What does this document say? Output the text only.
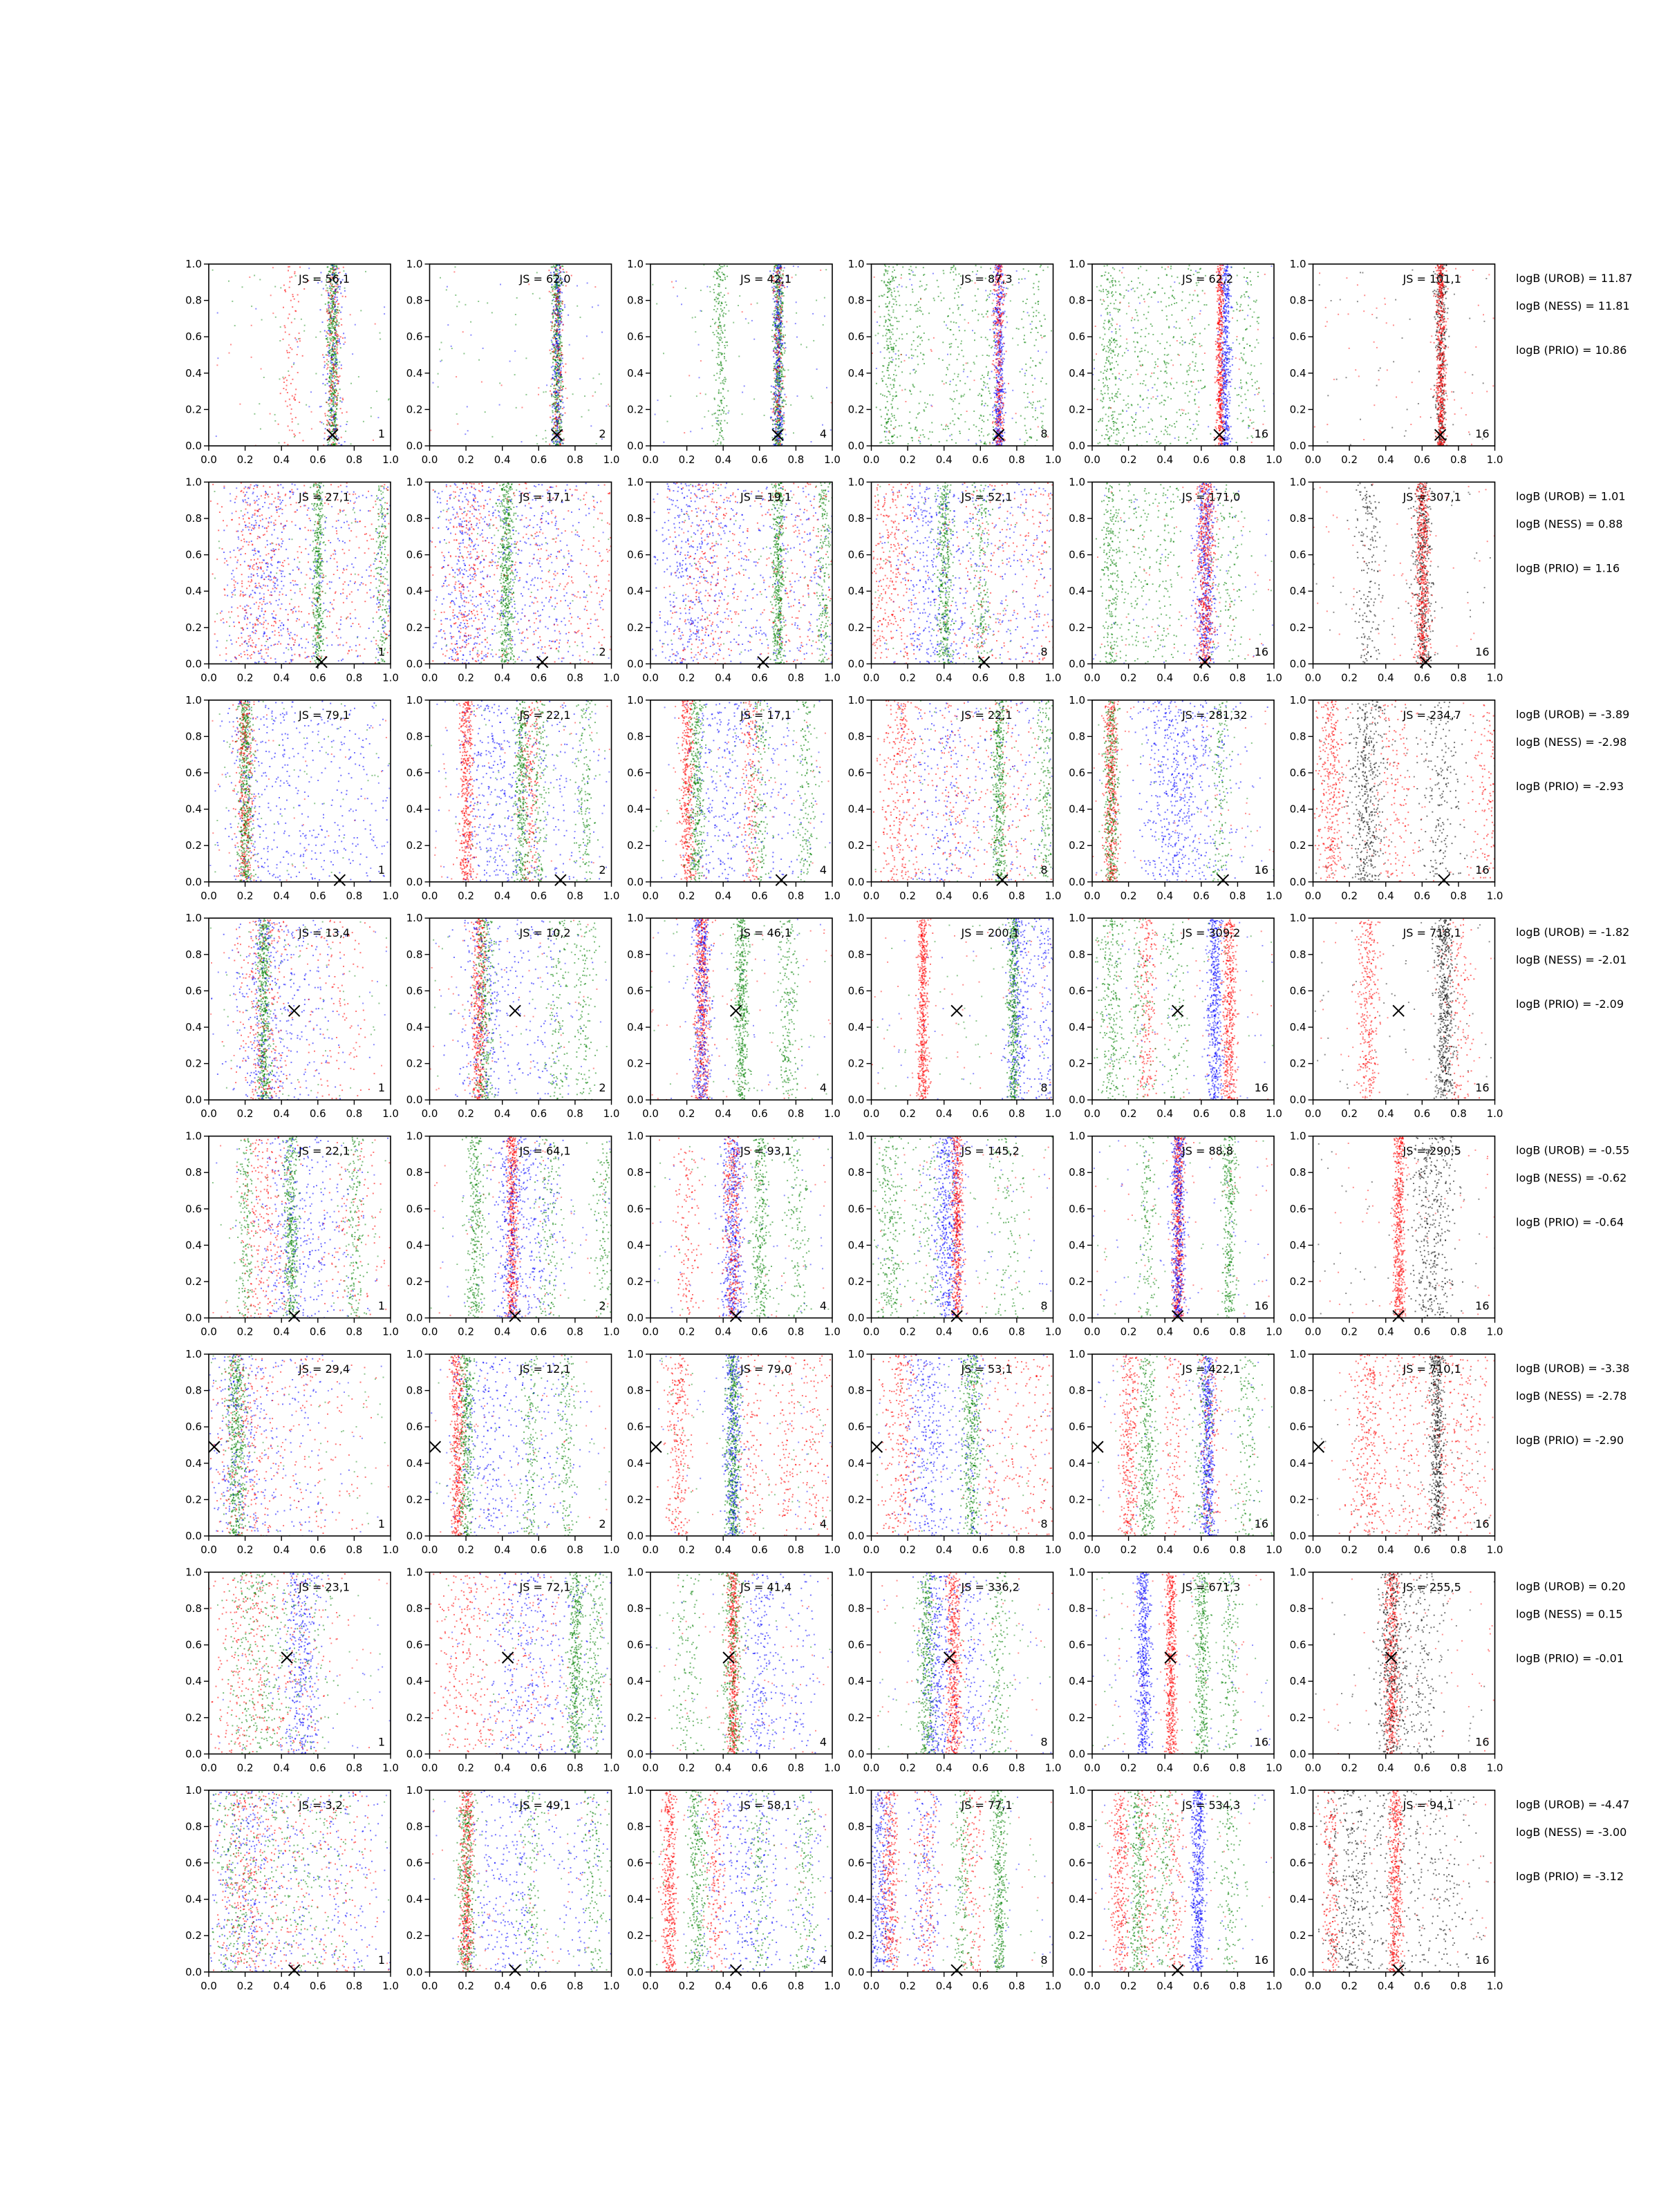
0.0 0.2 0.4 0.6 0.8 1.0
0.0
0.2
0.4
0.6
0.8
1.0
JS = 56,1
1
0.0 0.2 0.4 0.6 0.8 1.0
0.0
0.2
0.4
0.6
0.8
1.0
JS = 62,0
2
0.0 0.2 0.4 0.6 0.8 1.0
0.0
0.2
0.4
0.6
0.8
1.0
JS = 42,1
4
0.0 0.2 0.4 0.6 0.8 1.0
0.0
0.2
0.4
0.6
0.8
1.0
JS = 87,3
8
0.0 0.2 0.4 0.6 0.8 1.0
0.0
0.2
0.4
0.6
0.8
1.0
JS = 62,2
16
0.0 0.2 0.4 0.6 0.8 1.0
0.0
0.2
0.4
0.6
0.8
1.0
JS = 101,1
16
0.0 0.2 0.4 0.6 0.8 1.0
0.0
0.2
0.4
0.6
0.8
1.0
JS = 27,1
1
0.0 0.2 0.4 0.6 0.8 1.0
0.0
0.2
0.4
0.6
0.8
1.0
JS = 17,1
2
0.0 0.2 0.4 0.6 0.8 1.0
0.0
0.2
0.4
0.6
0.8
1.0
JS = 19,1
0.0 0.2 0.4 0.6 0.8 1.0
0.0
0.2
0.4
0.6
0.8
1.0
JS = 52,1
8
0.0 0.2 0.4 0.6 0.8 1.0
0.0
0.2
0.4
0.6
0.8
1.0
JS = 171,0
16
0.0 0.2 0.4 0.6 0.8 1.0
0.0
0.2
0.4
0.6
0.8
1.0
JS = 307,1
16
0.0 0.2 0.4 0.6 0.8 1.0
0.0
0.2
0.4
0.6
0.8
1.0
JS = 79,1
1
0.0 0.2 0.4 0.6 0.8 1.0
0.0
0.2
0.4
0.6
0.8
1.0
JS = 22,1
2
0.0 0.2 0.4 0.6 0.8 1.0
0.0
0.2
0.4
0.6
0.8
1.0
JS = 17,1
4
0.0 0.2 0.4 0.6 0.8 1.0
0.0
0.2
0.4
0.6
0.8
1.0
JS = 22,1
8
0.0 0.2 0.4 0.6 0.8 1.0
0.0
0.2
0.4
0.6
0.8
1.0
JS = 281,32
16
0.0 0.2 0.4 0.6 0.8 1.0
0.0
0.2
0.4
0.6
0.8
1.0
JS = 234,7
16
0.0 0.2 0.4 0.6 0.8 1.0
0.0
0.2
0.4
0.6
0.8
1.0
JS = 13,4
1
0.0 0.2 0.4 0.6 0.8 1.0
0.0
0.2
0.4
0.6
0.8
1.0
JS = 10,2
2
0.0 0.2 0.4 0.6 0.8 1.0
0.0
0.2
0.4
0.6
0.8
1.0
JS = 46,1
4
0.0 0.2 0.4 0.6 0.8 1.0
0.0
0.2
0.4
0.6
0.8
1.0
JS = 200,1
8
0.0 0.2 0.4 0.6 0.8 1.0
0.0
0.2
0.4
0.6
0.8
1.0
JS = 309,2
16
0.0 0.2 0.4 0.6 0.8 1.0
0.0
0.2
0.4
0.6
0.8
1.0
JS = 718,1
16
0.0 0.2 0.4 0.6 0.8 1.0
0.0
0.2
0.4
0.6
0.8
1.0
JS = 22,1
1
0.0 0.2 0.4 0.6 0.8 1.0
0.0
0.2
0.4
0.6
0.8
1.0
JS = 64,1
2
0.0 0.2 0.4 0.6 0.8 1.0
0.0
0.2
0.4
0.6
0.8
1.0
JS = 93,1
4
0.0 0.2 0.4 0.6 0.8 1.0
0.0
0.2
0.4
0.6
0.8
1.0
JS = 145,2
8
0.0 0.2 0.4 0.6 0.8 1.0
0.0
0.2
0.4
0.6
0.8
1.0
JS = 88,8
16
0.0 0.2 0.4 0.6 0.8 1.0
0.0
0.2
0.4
0.6
0.8
1.0
JS = 290,5
16
0.0 0.2 0.4 0.6 0.8 1.0
0.0
0.2
0.4
0.6
0.8
1.0
JS = 29,4
1
0.0 0.2 0.4 0.6 0.8 1.0
0.0
0.2
0.4
0.6
0.8
1.0
JS = 12,1
2
0.0 0.2 0.4 0.6 0.8 1.0
0.0
0.2
0.4
0.6
0.8
1.0
JS = 79,0
4
0.0 0.2 0.4 0.6 0.8 1.0
0.0
0.2
0.4
0.6
0.8
1.0
JS = 53,1
8
0.0 0.2 0.4 0.6 0.8 1.0
0.0
0.2
0.4
0.6
0.8
1.0
JS = 422,1
16
0.0 0.2 0.4 0.6 0.8 1.0
0.0
0.2
0.4
0.6
0.8
1.0
JS = 710,1
16
0.0 0.2 0.4 0.6 0.8 1.0
0.0
0.2
0.4
0.6
0.8
1.0
JS = 23,1
1
0.0 0.2 0.4 0.6 0.8 1.0
0.0
0.2
0.4
0.6
0.8
1.0
JS = 72,1
0.0 0.2 0.4 0.6 0.8 1.0
0.0
0.2
0.4
0.6
0.8
1.0
JS = 41,4
4
0.0 0.2 0.4 0.6 0.8 1.0
0.0
0.2
0.4
0.6
0.8
1.0
JS = 336,2
8
0.0 0.2 0.4 0.6 0.8 1.0
0.0
0.2
0.4
0.6
0.8
1.0
JS = 671,3
16
0.0 0.2 0.4 0.6 0.8 1.0
0.0
0.2
0.4
0.6
0.8
1.0
JS = 255,5
16
0.0 0.2 0.4 0.6 0.8 1.0
0.0
0.2
0.4
0.6
0.8
1.0
JS = 3,2
1
0.0 0.2 0.4 0.6 0.8 1.0
0.0
0.2
0.4
0.6
0.8
1.0
JS = 49,1
0.0 0.2 0.4 0.6 0.8 1.0
0.0
0.2
0.4
0.6
0.8
1.0
JS = 58,1
4
0.0 0.2 0.4 0.6 0.8 1.0
0.0
0.2
0.4
0.6
0.8
1.0
JS = 77,1
8
0.0 0.2 0.4 0.6 0.8 1.0
0.0
0.2
0.4
0.6
0.8
1.0
JS = 534,3
16
0.0 0.2 0.4 0.6 0.8 1.0
0.0
0.2
0.4
0.6
0.8
1.0
JS = 94,1
16
logB (UROB) = 11.87
logB (NESS) = 11.81
logB (PRIO) = 10.86
logB (UROB) = 1.01
logB (NESS) = 0.88
logB (PRIO) = 1.16
logB (UROB) = -3.89
logB (NESS) = -2.98
logB (PRIO) = -2.93
logB (UROB) = -1.82
logB (NESS) = -2.01
logB (PRIO) = -2.09
logB (UROB) = -0.55
logB (NESS) = -0.62
logB (PRIO) = -0.64
logB (UROB) = -3.38
logB (NESS) = -2.78
logB (PRIO) = -2.90
logB (UROB) = 0.20
logB (NESS) = 0.15
logB (PRIO) = -0.01
logB (UROB) = -4.47
logB (NESS) = -3.00
logB (PRIO) = -3.12
